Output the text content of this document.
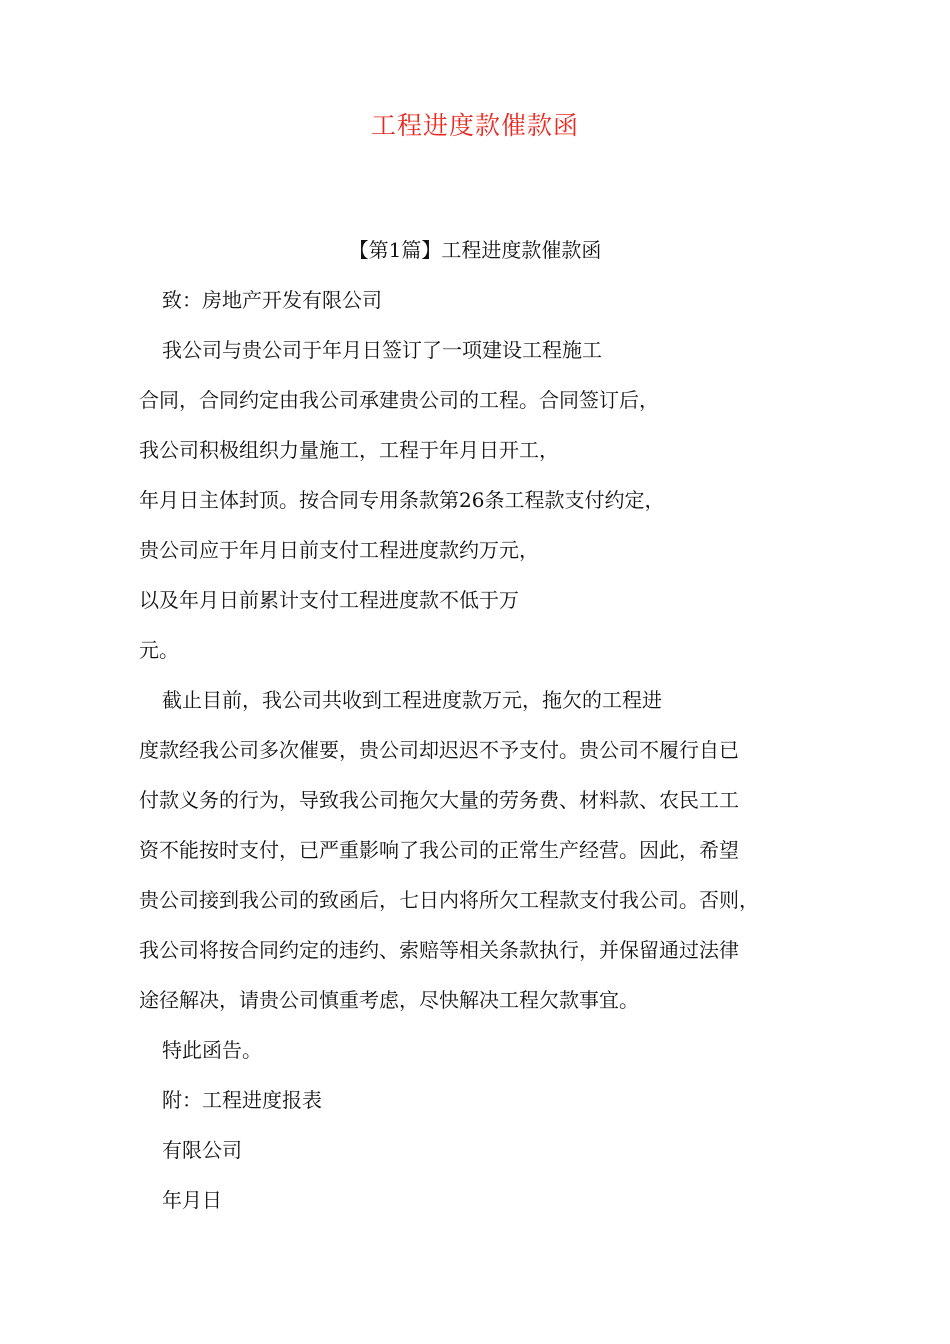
工程进度款催款函
【第1篇】工程进度款催款函
致：房地产开发有限公司
我公司与贵公司于年月日签订了一项建设工程施工
合同，合同约定由我公司承建贵公司的工程。合同签订后，
我公司积极组织力量施工，工程于年月日开工，
年月日主体封顶。按合同专用条款第26条工程款支付约定，
贵公司应于年月日前支付工程进度款约万元，
以及年月日前累计支付工程进度款不低于万
元。
截止目前，我公司共收到工程进度款万元，拖欠的工程进
度款经我公司多次催要，贵公司却迟迟不予支付。贵公司不履行自已
付款义务的行为，导致我公司拖欠大量的劳务费、材料款、农民工工
资不能按时支付，已严重影响了我公司的正常生产经营。因此，希望
贵公司接到我公司的致函后，七日内将所欠工程款支付我公司。否则，
我公司将按合同约定的违约、索赔等相关条款执行，并保留通过法律
途径解决，请贵公司慎重考虑，尽快解决工程欠款事宜。
特此函告。
附：工程进度报表
有限公司
年月日
